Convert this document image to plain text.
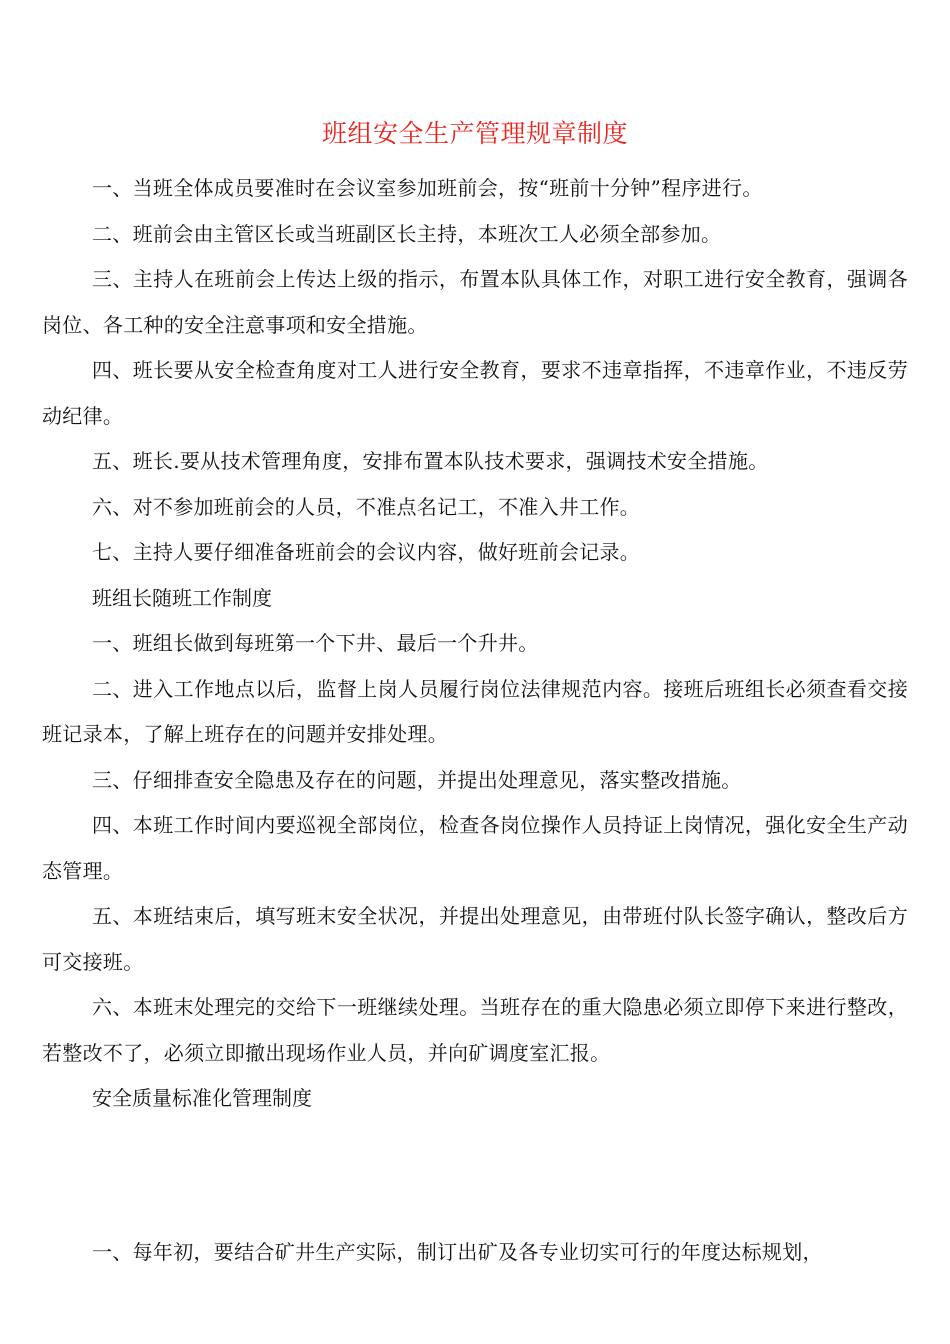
班组安全生产管理规章制度

一、当班全体成员要准时在会议室参加班前会，按“班前十分钟”程序进行。

二、班前会由主管区长或当班副区长主持，本班次工人必须全部参加。

三、主持人在班前会上传达上级的指示，布置本队具体工作，对职工进行安全教育，强调各岗位、各工种的安全注意事项和安全措施。

四、班长要从安全检查角度对工人进行安全教育，要求不违章指挥，不违章作业，不违反劳动纪律。

五、班长.要从技术管理角度，安排布置本队技术要求，强调技术安全措施。

六、对不参加班前会的人员，不准点名记工，不准入井工作。

七、主持人要仔细准备班前会的会议内容，做好班前会记录。

班组长随班工作制度

一、班组长做到每班第一个下井、最后一个升井。

二、进入工作地点以后，监督上岗人员履行岗位法律规范内容。接班后班组长必须查看交接班记录本，了解上班存在的问题并安排处理。

三、仔细排查安全隐患及存在的问题，并提出处理意见，落实整改措施。

四、本班工作时间内要巡视全部岗位，检查各岗位操作人员持证上岗情况，强化安全生产动态管理。

五、本班结束后，填写班末安全状况，并提出处理意见，由带班付队长签字确认，整改后方可交接班。

六、本班末处理完的交给下一班继续处理。当班存在的重大隐患必须立即停下来进行整改，若整改不了，必须立即撤出现场作业人员，并向矿调度室汇报。

安全质量标准化管理制度

一、每年初，要结合矿井生产实际，制订出矿及各专业切实可行的年度达标规划，
